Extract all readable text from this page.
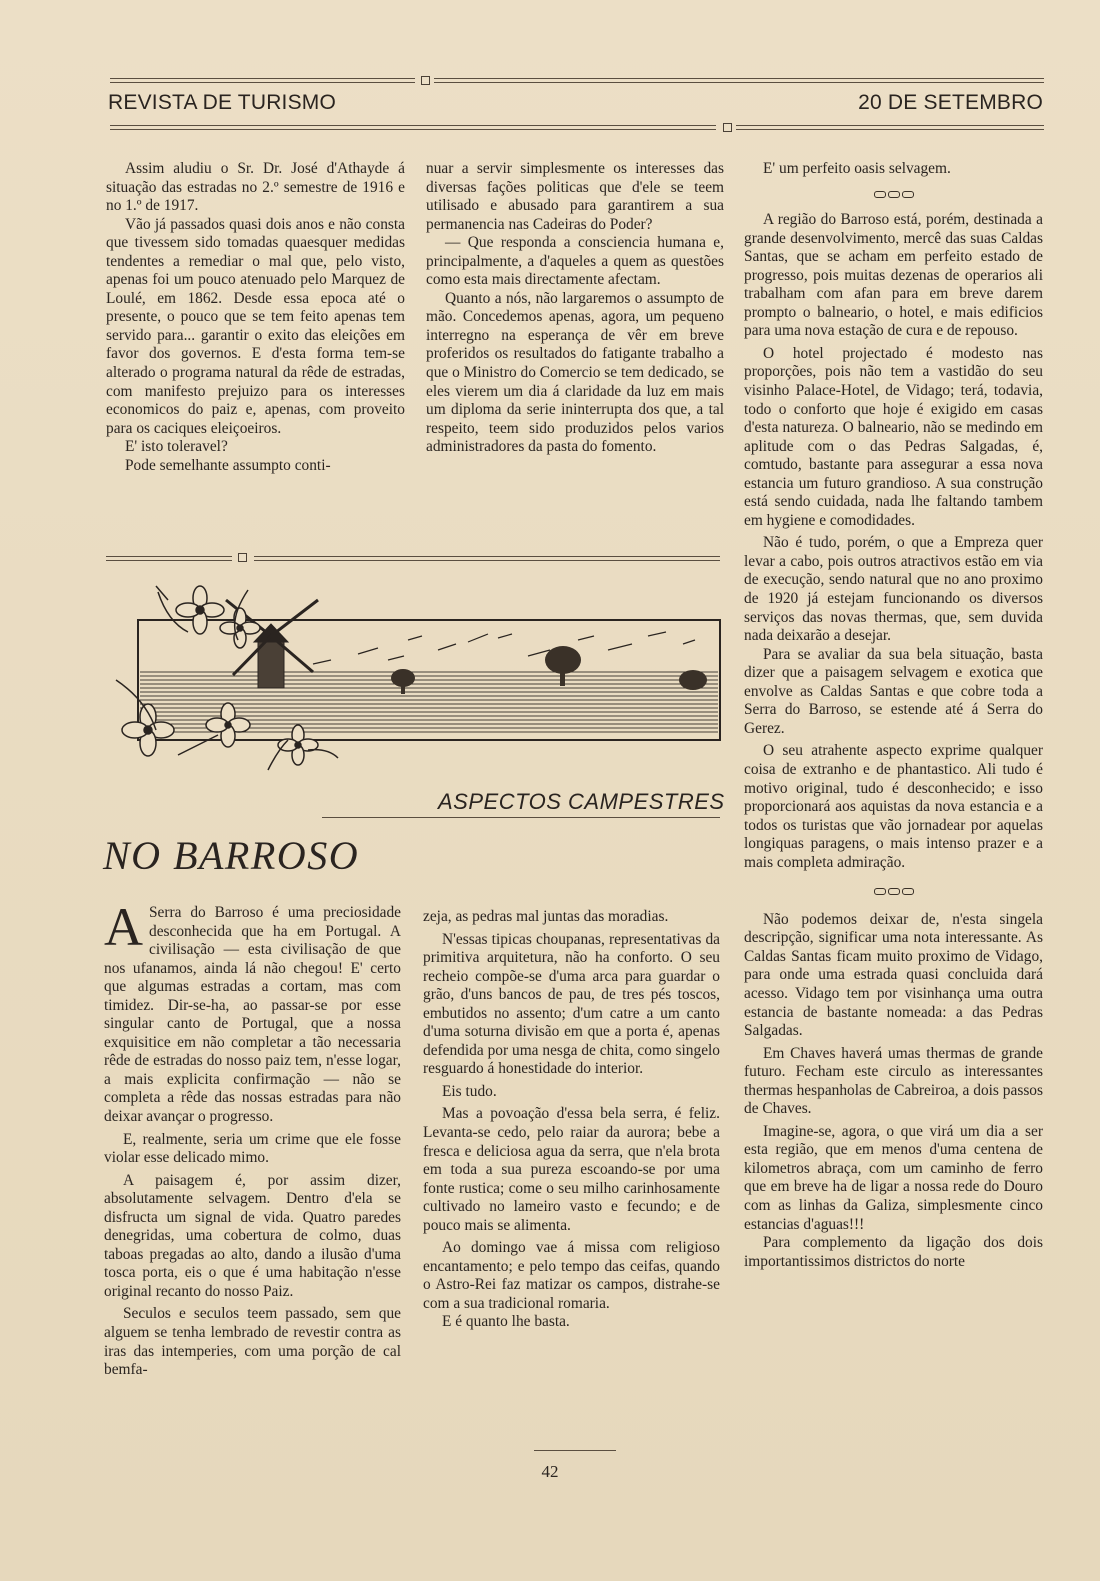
REVISTA DE TURISMO	20 DE SETEMBRO

Assim aludiu o Sr. Dr. José d'Athayde á situação das estradas no 2.º semestre de 1916 e no 1.º de 1917.

Vão já passados quasi dois anos e não consta que tivessem sido tomadas quaesquer medidas tendentes a remediar o mal que, pelo visto, apenas foi um pouco atenuado pelo Marquez de Loulé, em 1862. Desde essa epoca até o presente, o pouco que se tem feito apenas tem servido para... garantir o exito das eleições em favor dos governos. E d'esta forma tem-se alterado o programa natural da rêde de estradas, com manifesto prejuizo para os interesses economicos do paiz e, apenas, com proveito para os caciques eleiçoeiros.

E' isto toleravel?

Pode semelhante assumpto conti-

nuar a servir simplesmente os interesses das diversas fações politicas que d'ele se teem utilisado e abusado para garantirem a sua permanencia nas Cadeiras do Poder?

— Que responda a consciencia humana e, principalmente, a d'aqueles a quem as questões como esta mais directamente afectam.

Quanto a nós, não largaremos o assumpto de mão. Concedemos apenas, agora, um pequeno interregno na esperança de vêr em breve proferidos os resultados do fatigante trabalho a que o Ministro do Comercio se tem dedicado, se eles vierem um dia á claridade da luz em mais um diploma da serie ininterrupta dos que, a tal respeito, teem sido produzidos pelos varios administradores da pasta do fomento.

E' um perfeito oasis selvagem.

A região do Barroso está, porém, destinada a grande desenvolvimento, mercê das suas Caldas Santas, que se acham em perfeito estado de progresso, pois muitas dezenas de operarios ali trabalham com afan para em breve darem prompto o balneario, o hotel, e mais edificios para uma nova estação de cura e de repouso.

O hotel projectado é modesto nas proporções, pois não tem a vastidão do seu visinho Palace-Hotel, de Vidago; terá, todavia, todo o conforto que hoje é exigido em casas d'esta natureza. O balneario, não se medindo em aplitude com o das Pedras Salgadas, é, comtudo, bastante para assegurar a essa nova estancia um futuro grandioso. A sua construção está sendo cuidada, nada lhe faltando tambem em hygiene e comodidades.

Não é tudo, porém, o que a Empreza quer levar a cabo, pois outros atractivos estão em via de execução, sendo natural que no ano proximo de 1920 já estejam funcionando os diversos serviços das novas thermas, que, sem duvida nada deixarão a desejar.

Para se avaliar da sua bela situação, basta dizer que a paisagem selvagem e exotica que envolve as Caldas Santas e que cobre toda a Serra do Barroso, se estende até á Serra do Gerez.

O seu atrahente aspecto exprime qualquer coisa de extranho e de phantastico. Ali tudo é motivo original, tudo é desconhecido; e isso proporcionará aos aquistas da nova estancia e a todos os turistas que vão jornadear por aquelas longiquas paragens, o mais intenso prazer e a mais completa admiração.

Não podemos deixar de, n'esta singela descripção, significar uma nota interessante. As Caldas Santas ficam muito proximo de Vidago, para onde uma estrada quasi concluida dará acesso. Vidago tem por visinhança uma outra estancia de bastante nomeada: a das Pedras Salgadas.

Em Chaves haverá umas thermas de grande futuro. Fecham este circulo as interessantes thermas hespanholas de Cabreiroa, a dois passos de Chaves.

Imagine-se, agora, o que virá um dia a ser esta região, que em menos d'uma centena de kilometros abraça, com um caminho de ferro que em breve ha de ligar a nossa rede do Douro com as linhas da Galiza, simplesmente cinco estancias d'aguas!!!

Para complemento da ligação dos dois importantissimos districtos do norte

ASPECTOS CAMPESTRES
NO BARROSO

A Serra do Barroso é uma preciosidade desconhecida que ha em Portugal. A civilisação — esta civilisação de que nos ufanamos, ainda lá não chegou! E' certo que algumas estradas a cortam, mas com timidez. Dir-se-ha, ao passar-se por esse singular canto de Portugal, que a nossa exquisitice em não completar a tão necessaria rêde de estradas do nosso paiz tem, n'esse logar, a mais explicita confirmação — não se completa a rêde das nossas estradas para não deixar avançar o progresso.

E, realmente, seria um crime que ele fosse violar esse delicado mimo.

A paisagem é, por assim dizer, absolutamente selvagem. Dentro d'ela se disfructa um signal de vida. Quatro paredes denegridas, uma cobertura de colmo, duas taboas pregadas ao alto, dando a ilusão d'uma tosca porta, eis o que é uma habitação n'esse original recanto do nosso Paiz.

Seculos e seculos teem passado, sem que alguem se tenha lembrado de revestir contra as iras das intemperies, com uma porção de cal bemfa-

zeja, as pedras mal juntas das moradias.

N'essas tipicas choupanas, representativas da primitiva arquitetura, não ha conforto. O seu recheio compõe-se d'uma arca para guardar o grão, d'uns bancos de pau, de tres pés toscos, embutidos no assento; d'um catre a um canto d'uma soturna divisão em que a porta é, apenas defendida por uma nesga de chita, como singelo resguardo á honestidade do interior.

Eis tudo.

Mas a povoação d'essa bela serra, é feliz. Levanta-se cedo, pelo raiar da aurora; bebe a fresca e deliciosa agua da serra, que n'ela brota em toda a sua pureza escoando-se por uma fonte rustica; come o seu milho carinhosamente cultivado no lameiro vasto e fecundo; e de pouco mais se alimenta.

Ao domingo vae á missa com religioso encantamento; e pelo tempo das ceifas, quando o Astro-Rei faz matizar os campos, distrahe-se com a sua tradicional romaria.

E é quanto lhe basta.

42
